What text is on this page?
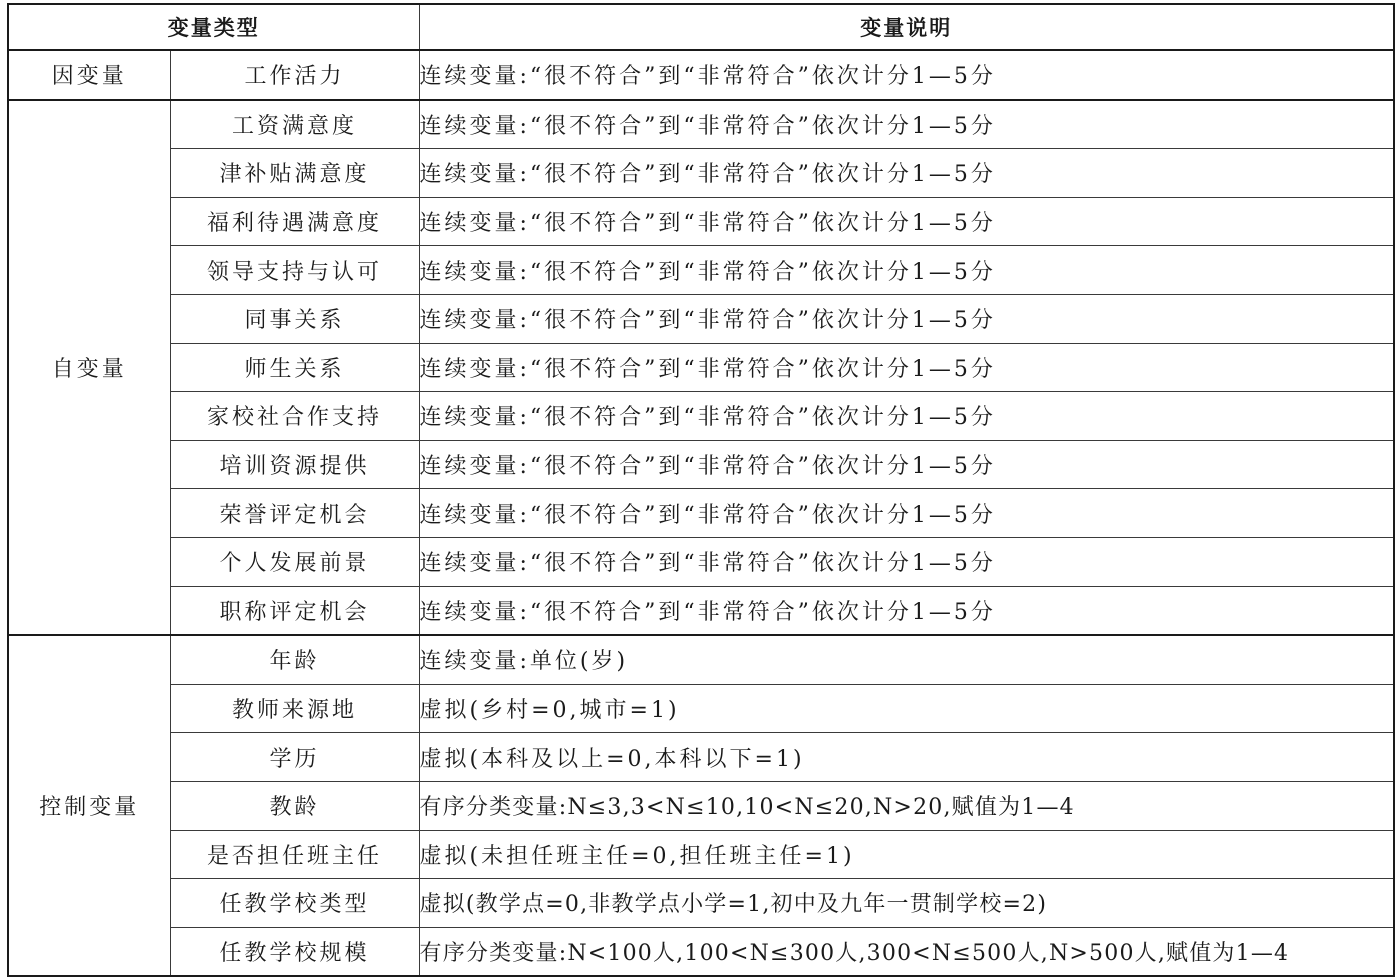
变量类型		变量说明
因变量	工作活力	连续变量:“很不符合”到“非常符合”依次计分1—5分
自变量	工资满意度	连续变量:“很不符合”到“非常符合”依次计分1—5分
	津补贴满意度	连续变量:“很不符合”到“非常符合”依次计分1—5分
	福利待遇满意度	连续变量:“很不符合”到“非常符合”依次计分1—5分
	领导支持与认可	连续变量:“很不符合”到“非常符合”依次计分1—5分
	同事关系	连续变量:“很不符合”到“非常符合”依次计分1—5分
	师生关系	连续变量:“很不符合”到“非常符合”依次计分1—5分
	家校社合作支持	连续变量:“很不符合”到“非常符合”依次计分1—5分
	培训资源提供	连续变量:“很不符合”到“非常符合”依次计分1—5分
	荣誉评定机会	连续变量:“很不符合”到“非常符合”依次计分1—5分
	个人发展前景	连续变量:“很不符合”到“非常符合”依次计分1—5分
	职称评定机会	连续变量:“很不符合”到“非常符合”依次计分1—5分
控制变量	年龄	连续变量:单位(岁)
	教师来源地	虚拟(乡村=0,城市=1)
	学历	虚拟(本科及以上=0,本科以下=1)
	教龄	有序分类变量:N≤3,3<N≤10,10<N≤20,N>20,赋值为1—4
	是否担任班主任	虚拟(未担任班主任=0,担任班主任=1)
	任教学校类型	虚拟(教学点=0,非教学点小学=1,初中及九年一贯制学校=2)
	任教学校规模	有序分类变量:N<100人,100<N≤300人,300<N≤500人,N>500人,赋值为1—4
